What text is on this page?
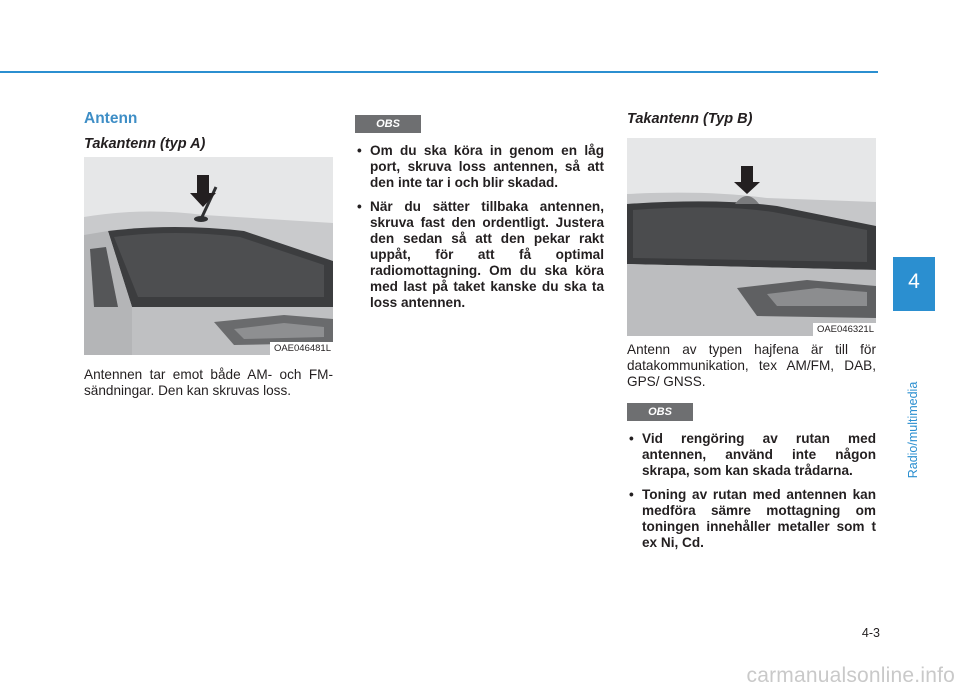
Antenn
Takantenn (typ A)
OAE046481L
Antennen tar emot både AM- och FM-sändningar. Den kan skruvas loss.
OBS
• Om du ska köra in genom en låg port, skruva loss antennen, så att den inte tar i och blir skadad.
• När du sätter tillbaka antennen, skruva fast den ordentligt. Justera den sedan så att den pekar rakt uppåt, för att få optimal radiomottagning. Om du ska köra med last på taket kanske du ska ta loss antennen.
Takantenn (Typ B)
OAE046321L
Antenn av typen hajfena är till för datakommunikation, tex AM/FM, DAB, GPS/ GNSS.
OBS
• Vid rengöring av rutan med antennen, använd inte någon skrapa, som kan skada trådarna.
• Toning av rutan med antennen kan medföra sämre mottagning om toningen innehåller metaller som t ex Ni, Cd.
4
Radio/multimedia
4-3
carmanualsonline.info
